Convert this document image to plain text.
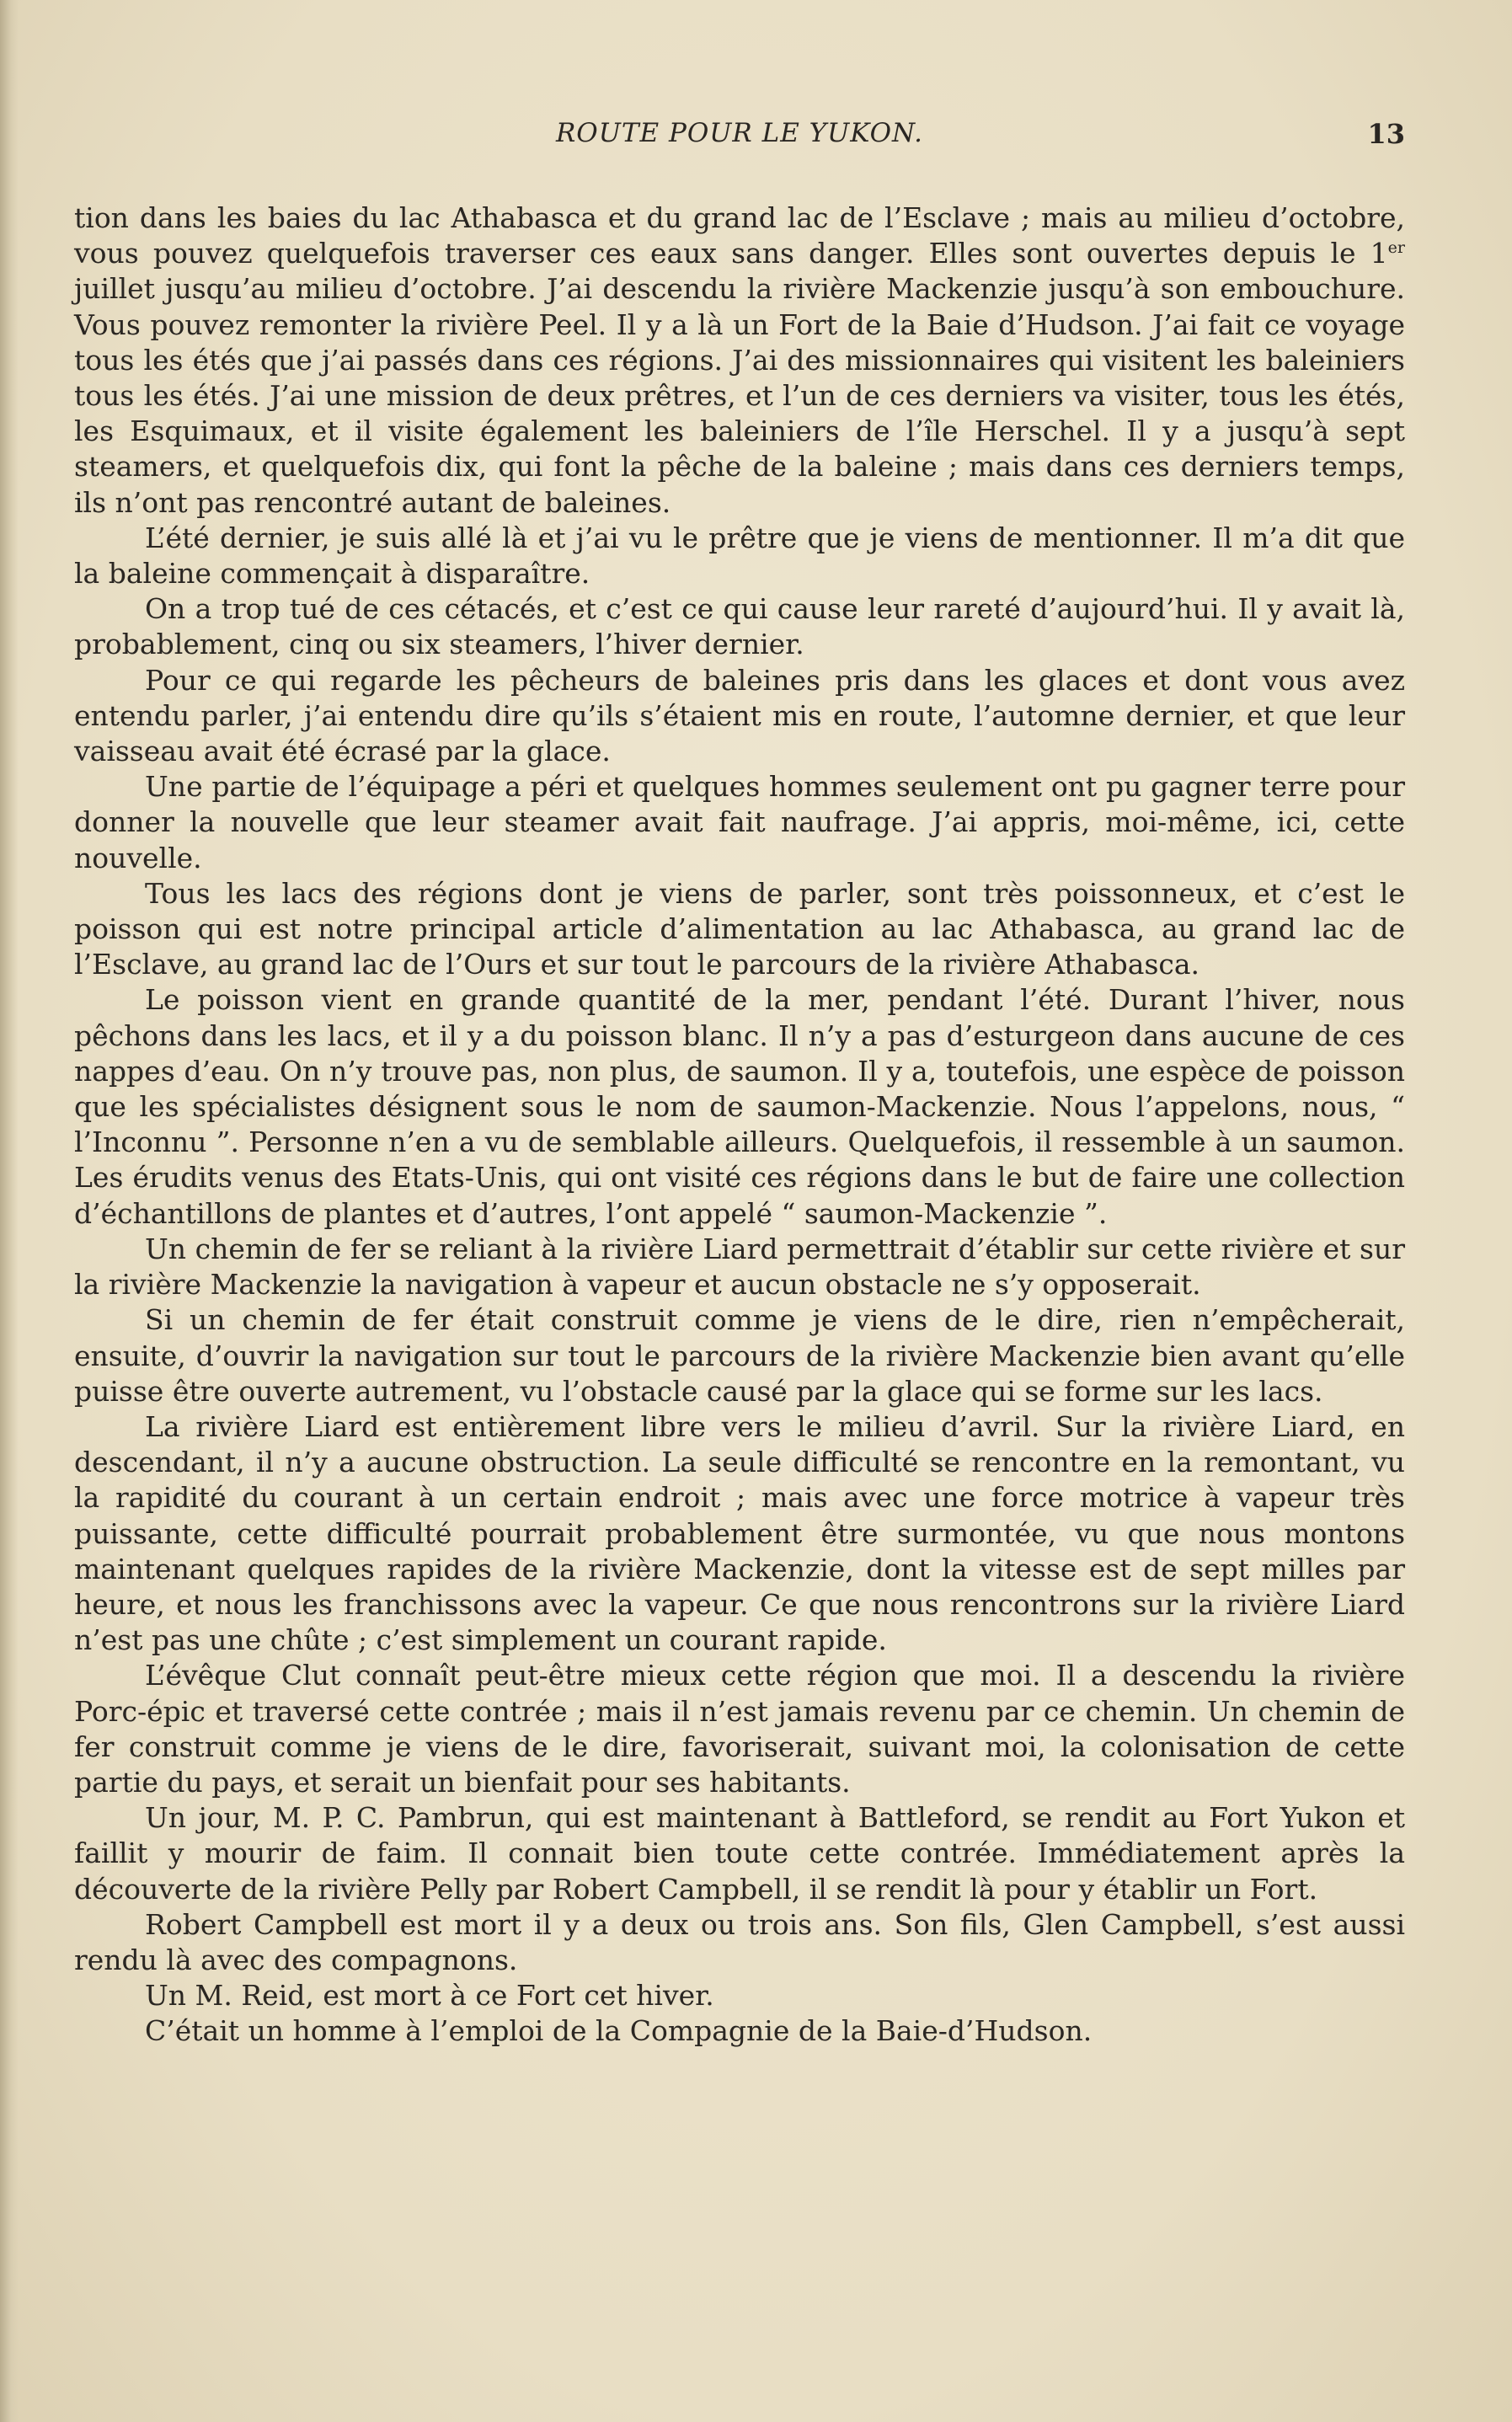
ROUTE POUR LE YUKON.	13

tion dans les baies du lac Athabasca et du grand lac de l’Esclave ; mais au milieu d’octobre, vous pouvez quelquefois traverser ces eaux sans danger. Elles sont ouvertes depuis le 1er juillet jusqu’au milieu d’octobre. J’ai descendu la rivière Mackenzie jusqu’à son embouchure. Vous pouvez remonter la rivière Peel. Il y a là un Fort de la Baie d’Hudson. J’ai fait ce voyage tous les étés que j’ai passés dans ces régions. J’ai des missionnaires qui visitent les baleiniers tous les étés. J’ai une mission de deux prêtres, et l’un de ces derniers va visiter, tous les étés, les Esquimaux, et il visite également les baleiniers de l’île Herschel. Il y a jusqu’à sept steamers, et quelquefois dix, qui font la pêche de la baleine ; mais dans ces derniers temps, ils n’ont pas rencontré autant de baleines.

L’été dernier, je suis allé là et j’ai vu le prêtre que je viens de mentionner. Il m’a dit que la baleine commençait à disparaître.

On a trop tué de ces cétacés, et c’est ce qui cause leur rareté d’aujourd’hui. Il y avait là, probablement, cinq ou six steamers, l’hiver dernier.

Pour ce qui regarde les pêcheurs de baleines pris dans les glaces et dont vous avez entendu parler, j’ai entendu dire qu’ils s’étaient mis en route, l’automne dernier, et que leur vaisseau avait été écrasé par la glace.

Une partie de l’équipage a péri et quelques hommes seulement ont pu gagner terre pour donner la nouvelle que leur steamer avait fait naufrage. J’ai appris, moi-même, ici, cette nouvelle.

Tous les lacs des régions dont je viens de parler, sont très poissonneux, et c’est le poisson qui est notre principal article d’alimentation au lac Athabasca, au grand lac de l’Esclave, au grand lac de l’Ours et sur tout le parcours de la rivière Athabasca.

Le poisson vient en grande quantité de la mer, pendant l’été. Durant l’hiver, nous pêchons dans les lacs, et il y a du poisson blanc. Il n’y a pas d’esturgeon dans aucune de ces nappes d’eau. On n’y trouve pas, non plus, de saumon. Il y a, toutefois, une espèce de poisson que les spécialistes désignent sous le nom de saumon-Mackenzie. Nous l’appelons, nous, “ l’Inconnu ”. Personne n’en a vu de semblable ailleurs. Quelquefois, il ressemble à un saumon. Les érudits venus des Etats-Unis, qui ont visité ces régions dans le but de faire une collection d’échantillons de plantes et d’autres, l’ont appelé “ saumon-Mackenzie ”.

Un chemin de fer se reliant à la rivière Liard permettrait d’établir sur cette rivière et sur la rivière Mackenzie la navigation à vapeur et aucun obstacle ne s’y opposerait.

Si un chemin de fer était construit comme je viens de le dire, rien n’empêcherait, ensuite, d’ouvrir la navigation sur tout le parcours de la rivière Mackenzie bien avant qu’elle puisse être ouverte autrement, vu l’obstacle causé par la glace qui se forme sur les lacs.

La rivière Liard est entièrement libre vers le milieu d’avril. Sur la rivière Liard, en descendant, il n’y a aucune obstruction. La seule difficulté se rencontre en la remontant, vu la rapidité du courant à un certain endroit ; mais avec une force motrice à vapeur très puissante, cette difficulté pourrait probablement être surmontée, vu que nous montons maintenant quelques rapides de la rivière Mackenzie, dont la vitesse est de sept milles par heure, et nous les franchissons avec la vapeur. Ce que nous rencontrons sur la rivière Liard n’est pas une chûte ; c’est simplement un courant rapide.

L’évêque Clut connaît peut-être mieux cette région que moi. Il a descendu la rivière Porc-épic et traversé cette contrée ; mais il n’est jamais revenu par ce chemin. Un chemin de fer construit comme je viens de le dire, favoriserait, suivant moi, la colonisation de cette partie du pays, et serait un bienfait pour ses habitants.

Un jour, M. P. C. Pambrun, qui est maintenant à Battleford, se rendit au Fort Yukon et faillit y mourir de faim. Il connait bien toute cette contrée. Immédiatement après la découverte de la rivière Pelly par Robert Campbell, il se rendit là pour y établir un Fort.

Robert Campbell est mort il y a deux ou trois ans. Son fils, Glen Campbell, s’est aussi rendu là avec des compagnons.

Un M. Reid, est mort à ce Fort cet hiver.

C’était un homme à l’emploi de la Compagnie de la Baie-d’Hudson.
